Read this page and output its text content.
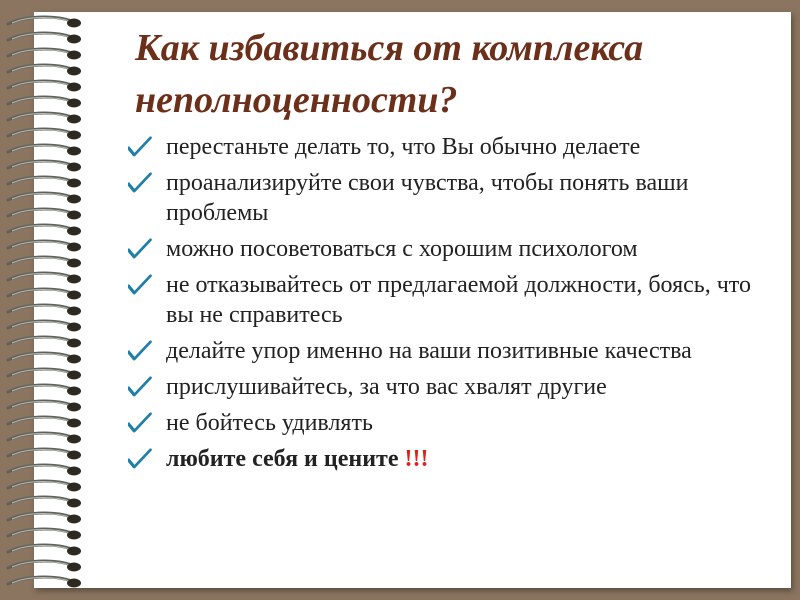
Как избавиться от комплекса
неполноценности?
перестаньте делать то, что Вы обычно делаете
проанализируйте свои чувства, чтобы понять ваши проблемы
можно посоветоваться с хорошим психологом
не отказывайтесь от предлагаемой должности, боясь, что вы не справитесь
делайте упор именно на ваши позитивные качества
прислушивайтесь, за что вас хвалят другие
не бойтесь удивлять
любите себя и цените !!!
